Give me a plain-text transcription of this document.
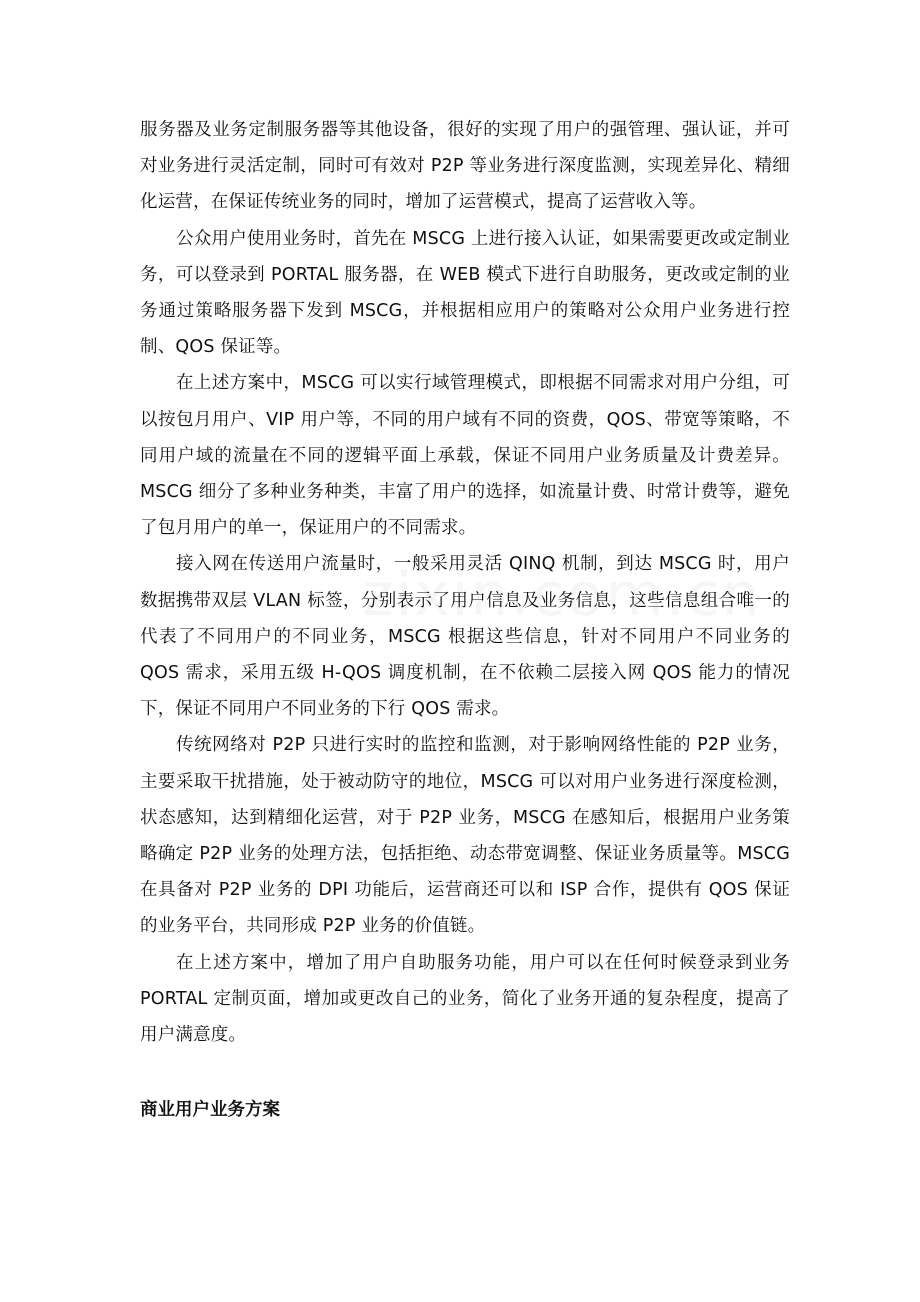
服务器及业务定制服务器等其他设备，很好的实现了用户的强管理、强认证，并可对业务进行灵活定制，同时可有效对 P2P 等业务进行深度监测，实现差异化、精细化运营，在保证传统业务的同时，增加了运营模式，提高了运营收入等。

公众用户使用业务时，首先在 MSCG 上进行接入认证，如果需要更改或定制业务，可以登录到 PORTAL 服务器，在 WEB 模式下进行自助服务，更改或定制的业务通过策略服务器下发到 MSCG，并根据相应用户的策略对公众用户业务进行控制、QOS 保证等。

在上述方案中，MSCG 可以实行域管理模式，即根据不同需求对用户分组，可以按包月用户、VIP 用户等，不同的用户域有不同的资费，QOS、带宽等策略，不同用户域的流量在不同的逻辑平面上承载，保证不同用户业务质量及计费差异。MSCG 细分了多种业务种类，丰富了用户的选择，如流量计费、时常计费等，避免了包月用户的单一，保证用户的不同需求。

接入网在传送用户流量时，一般采用灵活 QINQ 机制，到达 MSCG 时，用户数据携带双层 VLAN 标签，分别表示了用户信息及业务信息，这些信息组合唯一的代表了不同用户的不同业务，MSCG 根据这些信息，针对不同用户不同业务的 QOS 需求，采用五级 H-QOS 调度机制，在不依赖二层接入网 QOS 能力的情况下，保证不同用户不同业务的下行 QOS 需求。

传统网络对 P2P 只进行实时的监控和监测，对于影响网络性能的 P2P 业务，主要采取干扰措施，处于被动防守的地位，MSCG 可以对用户业务进行深度检测，状态感知，达到精细化运营，对于 P2P 业务，MSCG 在感知后，根据用户业务策略确定 P2P 业务的处理方法，包括拒绝、动态带宽调整、保证业务质量等。MSCG 在具备对 P2P 业务的 DPI 功能后，运营商还可以和 ISP 合作，提供有 QOS 保证的业务平台，共同形成 P2P 业务的价值链。

在上述方案中，增加了用户自助服务功能，用户可以在任何时候登录到业务 PORTAL 定制页面，增加或更改自己的业务，简化了业务开通的复杂程度，提高了用户满意度。

商业用户业务方案
